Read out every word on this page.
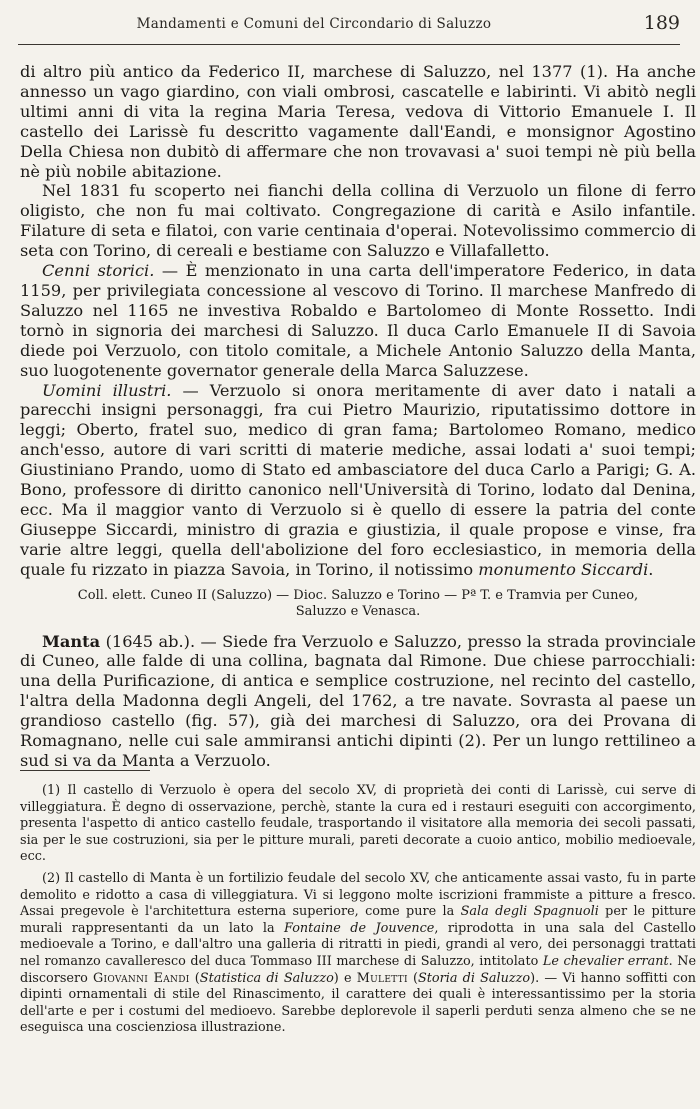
Mandamenti e Comuni del Circondario di Saluzzo	189

di altro più antico da Federico II, marchese di Saluzzo, nel 1377 (1). Ha anche annesso un vago giardino, con viali ombrosi, cascatelle e labirinti. Vi abitò negli ultimi anni di vita la regina Maria Teresa, vedova di Vittorio Emanuele I. Il castello dei Larissè fu descritto vagamente dall'Eandi, e monsignor Agostino Della Chiesa non dubitò di affermare che non trovavasi a' suoi tempi nè più bella nè più nobile abitazione.

Nel 1831 fu scoperto nei fianchi della collina di Verzuolo un filone di ferro oligisto, che non fu mai coltivato. Congregazione di carità e Asilo infantile. Filature di seta e filatoi, con varie centinaia d'operai. Notevolissimo commercio di seta con Torino, di cereali e bestiame con Saluzzo e Villafalletto.

Cenni storici. — È menzionato in una carta dell'imperatore Federico, in data 1159, per privilegiata concessione al vescovo di Torino. Il marchese Manfredo di Saluzzo nel 1165 ne investiva Robaldo e Bartolomeo di Monte Rossetto. Indi tornò in signoria dei marchesi di Saluzzo. Il duca Carlo Emanuele II di Savoia diede poi Verzuolo, con titolo comitale, a Michele Antonio Saluzzo della Manta, suo luogotenente governator generale della Marca Saluzzese.

Uomini illustri. — Verzuolo si onora meritamente di aver dato i natali a parecchi insigni personaggi, fra cui Pietro Maurizio, riputatissimo dottore in leggi; Oberto, fratel suo, medico di gran fama; Bartolomeo Romano, medico anch'esso, autore di vari scritti di materie mediche, assai lodati a' suoi tempi; Giustiniano Prando, uomo di Stato ed ambasciatore del duca Carlo a Parigi; G. A. Bono, professore di diritto canonico nell'Università di Torino, lodato dal Denina, ecc. Ma il maggior vanto di Verzuolo si è quello di essere la patria del conte Giuseppe Siccardi, ministro di grazia e giustizia, il quale propose e vinse, fra varie altre leggi, quella dell'abolizione del foro ecclesiastico, in memoria della quale fu rizzato in piazza Savoia, in Torino, il notissimo monumento Siccardi.

Coll. elett. Cuneo II (Saluzzo) — Dioc. Saluzzo e Torino — Pª T. e Tramvia per Cuneo,
Saluzzo e Venasca.

Manta (1645 ab.). — Siede fra Verzuolo e Saluzzo, presso la strada provinciale di Cuneo, alle falde di una collina, bagnata dal Rimone. Due chiese parrocchiali: una della Purificazione, di antica e semplice costruzione, nel recinto del castello, l'altra della Madonna degli Angeli, del 1762, a tre navate. Sovrasta al paese un grandioso castello (fig. 57), già dei marchesi di Saluzzo, ora dei Provana di Romagnano, nelle cui sale ammiransi antichi dipinti (2). Per un lungo rettilineo a sud si va da Manta a Verzuolo.

(1) Il castello di Verzuolo è opera del secolo XV, di proprietà dei conti di Larissè, cui serve di villeggiatura. È degno di osservazione, perchè, stante la cura ed i restauri eseguiti con accorgimento, presenta l'aspetto di antico castello feudale, trasportando il visitatore alla memoria dei secoli passati, sia per le sue costruzioni, sia per le pitture murali, pareti decorate a cuoio antico, mobilio medioevale, ecc.

(2) Il castello di Manta è un fortilizio feudale del secolo XV, che anticamente assai vasto, fu in parte demolito e ridotto a casa di villeggiatura. Vi si leggono molte iscrizioni frammiste a pitture a fresco. Assai pregevole è l'architettura esterna superiore, come pure la Sala degli Spagnuoli per le pitture murali rappresentanti da un lato la Fontaine de Jouvence, riprodotta in una sala del Castello medioevale a Torino, e dall'altro una galleria di ritratti in piedi, grandi al vero, dei personaggi trattati nel romanzo cavalleresco del duca Tommaso III marchese di Saluzzo, intitolato Le chevalier errant. Ne discorsero Giovanni Eandi (Statistica di Saluzzo) e Muletti (Storia di Saluzzo). — Vi hanno soffitti con dipinti ornamentali di stile del Rinascimento, il carattere dei quali è interessantissimo per la storia dell'arte e per i costumi del medioevo. Sarebbe deplorevole il saperli perduti senza almeno che se ne eseguisca una coscienziosa illustrazione.
